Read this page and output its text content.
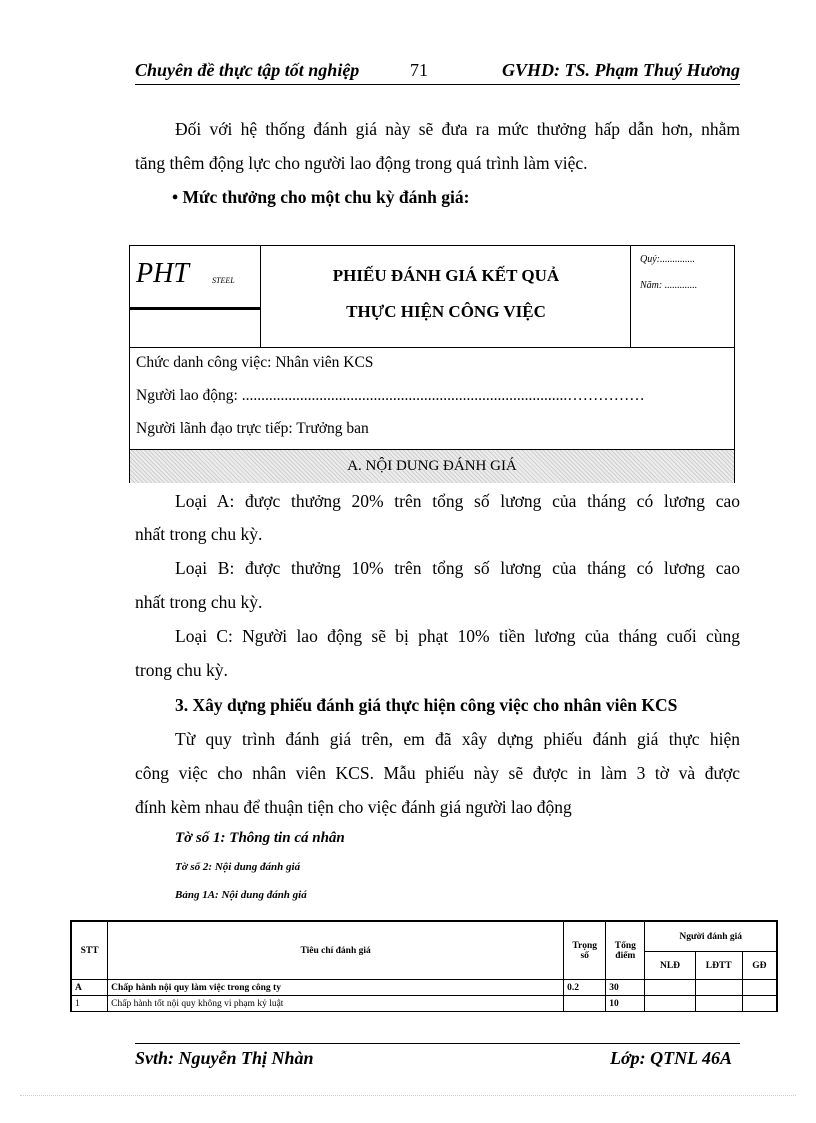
Chuyên đề thực tập tốt nghiệp	71	GVHD: TS. Phạm Thuý Hương
Đối với hệ thống đánh giá này sẽ đưa ra mức thưởng hấp dẫn hơn, nhằm
tăng thêm động lực cho người lao động trong quá trình làm việc.
• Mức thưởng cho một chu kỳ đánh giá:
PHT	STEEL	PHIẾU ĐÁNH GIÁ KẾT QUẢ
THỰC HIỆN CÔNG VIỆC
Quý:..............
Năm: .............
Chức danh công việc: Nhân viên KCS
Người lao động: ....................................................................................……………
Người lãnh đạo trực tiếp: Trưởng ban
A. NỘI DUNG ĐÁNH GIÁ
Loại A: được thưởng 20% trên tổng số lương của tháng có lương cao
nhất trong chu kỳ.
Loại B: được thưởng 10% trên tổng số lương của tháng có lương cao
nhất trong chu kỳ.
Loại C: Người lao động sẽ bị phạt 10% tiền lương của tháng cuối cùng
trong chu kỳ.
3. Xây dựng phiếu đánh giá thực hiện công việc cho nhân viên KCS
Từ quy trình đánh giá trên, em đã xây dựng phiếu đánh giá thực hiện
công việc cho nhân viên KCS. Mẫu phiếu này sẽ được in làm 3 tờ và được
đính kèm nhau để thuận tiện cho việc đánh giá người lao động
Tờ số 1: Thông tin cá nhân
Tờ số 2: Nội dung đánh giá
Bảng 1A: Nội dung đánh giá
STT	Tiêu chí đánh giá	Trọng số	Tổng điểm	Người đánh giá		
				NLĐ	LĐTT	GĐ
A	Chấp hành nội quy làm việc trong công ty	0.2	30			
1	Chấp hành tốt nội quy không vi phạm kỷ luật		10			
Svth: Nguyễn Thị Nhàn	Lớp: QTNL 46A
